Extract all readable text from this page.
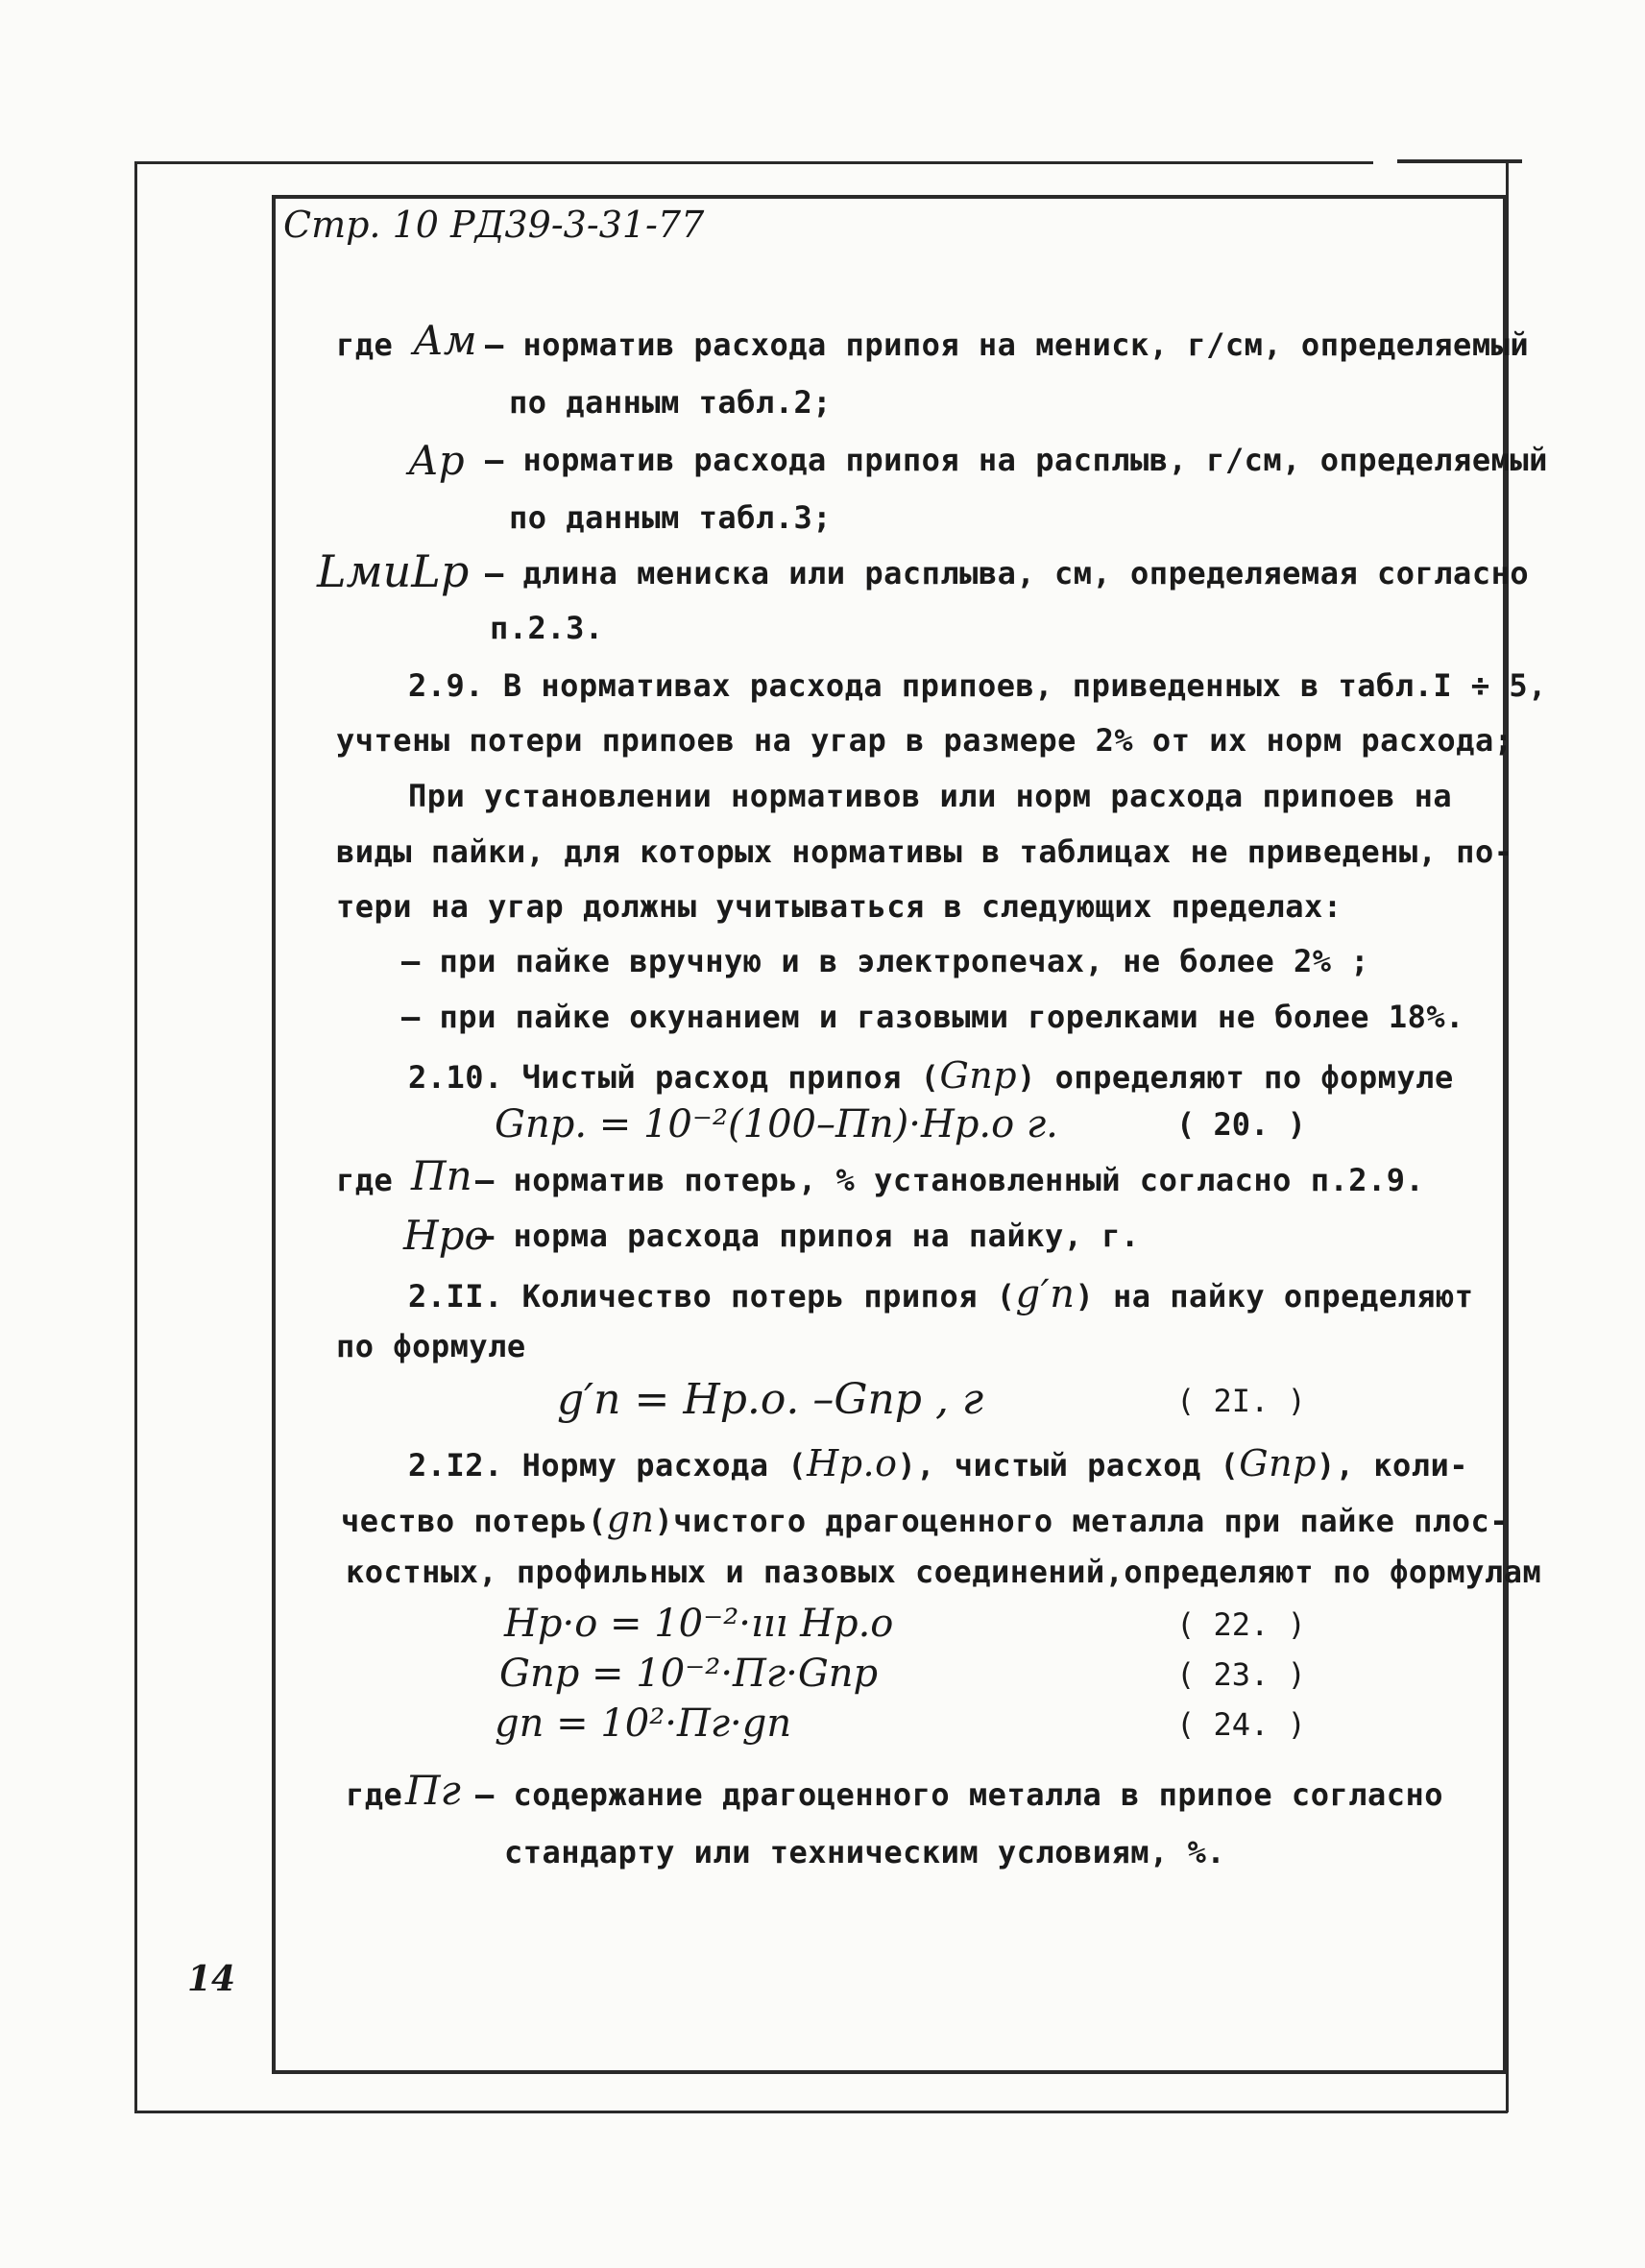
Стр. 10 РД39-3-31-77
где Ам – норматив расхода припоя на мениск, г/см, определяемый
по данным табл.2;
Ар – норматив расхода припоя на расплыв, г/см, определяемый
по данным табл.3;
LмиLр – длина мениска или расплыва, см, определяемая согласно
п.2.3.
2.9. В нормативах расхода припоев, приведенных в табл.I ÷ 5,
учтены потери припоев на угар в размере 2% от их норм расхода;
При установлении нормативов или норм расхода припоев на
виды пайки, для которых нормативы в таблицах не приведены, по-
тери на угар должны учитываться в следующих пределах:
– при пайке вручную и в электропечах, не более 2% ;
– при пайке окунанием и газовыми горелками не более 18%.
2.10. Чистый расход припоя (Gпр) определяют по формуле
Gпр. = 10⁻²(100–Пп)·Нр.о г.	( 20. )
где Пп – норматив потерь, % установленный согласно п.2.9.
Нро
– норма расхода припоя на пайку, г.
2.II. Количество потерь припоя (g′п) на пайку определяют
по формуле
g′п = Нр.о. –Gпр , г	( 2I. )
2.I2. Норму расхода (Нр.о), чистый расход (Gпр), коли-
чество потерь(gп)чистого драгоценного металла при пайке плос-
костных, профильных и пазовых соединений,определяют по формулам
Нр·о = 10⁻²·ııı Нр.о	( 22. )
Gпр = 10⁻²·Пг·Gпр	( 23. )
gп = 10²·Пг·gп	( 24. )
где Пг – содержание драгоценного металла в припое согласно
стандарту или техническим условиям, %.
14
